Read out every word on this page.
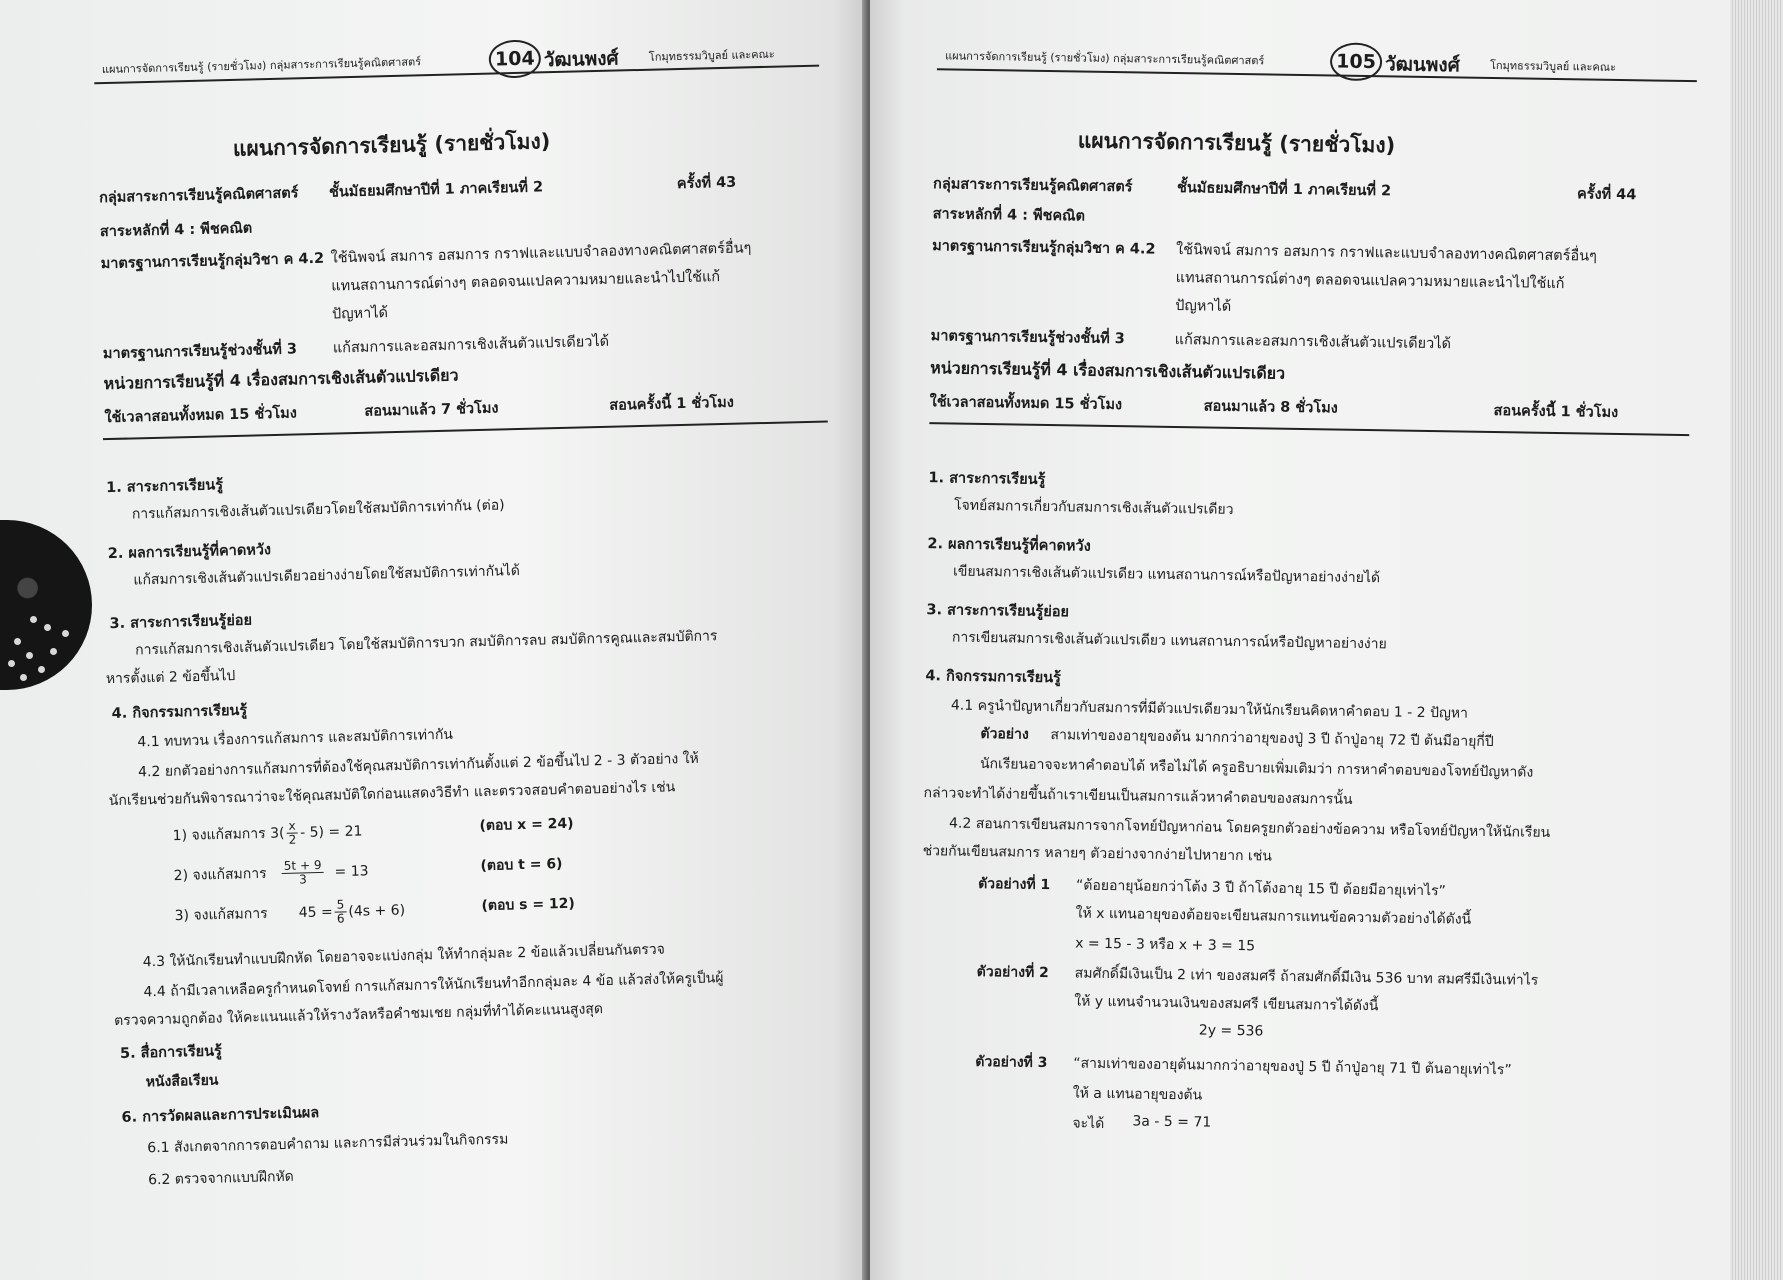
แผนการจัดการเรียนรู้ (รายชั่วโมง) กลุ่มสาระการเรียนรู้คณิตศาสตร์	104 วัฒนพงศ์	โกมุทธรรมวิบูลย์ และคณะ
แผนการจัดการเรียนรู้ (รายชั่วโมง)
กลุ่มสาระการเรียนรู้คณิตศาสตร์ ชั้นมัธยมศึกษาปีที่ 1 ภาคเรียนที่ 2	ครั้งที่ 43
สาระหลักที่ 4 : พีชคณิต
มาตรฐานการเรียนรู้กลุ่มวิชา ค 4.2 ใช้นิพจน์ สมการ อสมการ กราฟและแบบจำลองทางคณิตศาสตร์อื่นๆ
แทนสถานการณ์ต่างๆ ตลอดจนแปลความหมายและนำไปใช้แก้
ปัญหาได้
มาตรฐานการเรียนรู้ช่วงชั้นที่ 3 แก้สมการและอสมการเชิงเส้นตัวแปรเดียวได้
หน่วยการเรียนรู้ที่ 4 เรื่องสมการเชิงเส้นตัวแปรเดียว
ใช้เวลาสอนทั้งหมด 15 ชั่วโมง	สอนมาแล้ว 7 ชั่วโมง	สอนครั้งนี้ 1 ชั่วโมง
1. สาระการเรียนรู้
การแก้สมการเชิงเส้นตัวแปรเดียวโดยใช้สมบัติการเท่ากัน (ต่อ)
2. ผลการเรียนรู้ที่คาดหวัง
แก้สมการเชิงเส้นตัวแปรเดียวอย่างง่ายโดยใช้สมบัติการเท่ากันได้
3. สาระการเรียนรู้ย่อย
การแก้สมการเชิงเส้นตัวแปรเดียว โดยใช้สมบัติการบวก สมบัติการลบ สมบัติการคูณและสมบัติการ
หารตั้งแต่ 2 ข้อขึ้นไป
4. กิจกรรมการเรียนรู้
4.1 ทบทวน เรื่องการแก้สมการ และสมบัติการเท่ากัน
4.2 ยกตัวอย่างการแก้สมการที่ต้องใช้คุณสมบัติการเท่ากันตั้งแต่ 2 ข้อขึ้นไป 2 - 3 ตัวอย่าง ให้
นักเรียนช่วยกันพิจารณาว่าจะใช้คุณสมบัติใดก่อนแสดงวิธีทำ และตรวจสอบคำตอบอย่างไร เช่น
1) จงแก้สมการ $3( \frac{x}{2} - 5) = 21$	(ตอบ x = 24)
2) จงแก้สมการ $\frac{5t + 9}{3} = 13$	(ตอบ t = 6)
3) จงแก้สมการ $45 = \frac{5}{6} (4s + 6)$	(ตอบ s = 12)
4.3 ให้นักเรียนทำแบบฝึกหัด โดยอาจจะแบ่งกลุ่ม ให้ทำกลุ่มละ 2 ข้อแล้วเปลี่ยนกันตรวจ
4.4 ถ้ามีเวลาเหลือครูกำหนดโจทย์ การแก้สมการให้นักเรียนทำอีกกลุ่มละ 4 ข้อ แล้วส่งให้ครูเป็นผู้
ตรวจความถูกต้อง ให้คะแนนแล้วให้รางวัลหรือคำชมเชย กลุ่มที่ทำได้คะแนนสูงสุด
5. สื่อการเรียนรู้
หนังสือเรียน
6. การวัดผลและการประเมินผล
6.1 สังเกตจากการตอบคำถาม และการมีส่วนร่วมในกิจกรรม
6.2 ตรวจจากแบบฝึกหัด
แผนการจัดการเรียนรู้ (รายชั่วโมง) กลุ่มสาระการเรียนรู้คณิตศาสตร์	105 วัฒนพงศ์	โกมุทธรรมวิบูลย์ และคณะ
แผนการจัดการเรียนรู้ (รายชั่วโมง)
กลุ่มสาระการเรียนรู้คณิตศาสตร์	ชั้นมัธยมศึกษาปีที่ 1 ภาคเรียนที่ 2	ครั้งที่ 44
สาระหลักที่ 4 : พีชคณิต
มาตรฐานการเรียนรู้กลุ่มวิชา ค 4.2 ใช้นิพจน์ สมการ อสมการ กราฟและแบบจำลองทางคณิตศาสตร์อื่นๆ
แทนสถานการณ์ต่างๆ ตลอดจนแปลความหมายและนำไปใช้แก้
ปัญหาได้
มาตรฐานการเรียนรู้ช่วงชั้นที่ 3	แก้สมการและอสมการเชิงเส้นตัวแปรเดียวได้
หน่วยการเรียนรู้ที่ 4 เรื่องสมการเชิงเส้นตัวแปรเดียว
ใช้เวลาสอนทั้งหมด 15 ชั่วโมง	สอนมาแล้ว 8 ชั่วโมง	สอนครั้งนี้ 1 ชั่วโมง
1. สาระการเรียนรู้
โจทย์สมการเกี่ยวกับสมการเชิงเส้นตัวแปรเดียว
2. ผลการเรียนรู้ที่คาดหวัง
เขียนสมการเชิงเส้นตัวแปรเดียว แทนสถานการณ์หรือปัญหาอย่างง่ายได้
3. สาระการเรียนรู้ย่อย
การเขียนสมการเชิงเส้นตัวแปรเดียว แทนสถานการณ์หรือปัญหาอย่างง่าย
4. กิจกรรมการเรียนรู้
4.1 ครูนำปัญหาเกี่ยวกับสมการที่มีตัวแปรเดียวมาให้นักเรียนคิดหาคำตอบ 1 - 2 ปัญหา
ตัวอย่าง สามเท่าของอายุของต้น มากกว่าอายุของปู่ 3 ปี ถ้าปู่อายุ 72 ปี ต้นมีอายุกี่ปี
นักเรียนอาจจะหาคำตอบได้ หรือไม่ได้ ครูอธิบายเพิ่มเติมว่า การหาคำตอบของโจทย์ปัญหาดัง
กล่าวจะทำได้ง่ายขึ้นถ้าเราเขียนเป็นสมการแล้วหาคำตอบของสมการนั้น
4.2 สอนการเขียนสมการจากโจทย์ปัญหาก่อน โดยครูยกตัวอย่างข้อความ หรือโจทย์ปัญหาให้นักเรียน
ช่วยกันเขียนสมการ หลายๆ ตัวอย่างจากง่ายไปหายาก เช่น
ตัวอย่างที่ 1 “ต้อยอายุน้อยกว่าโต้ง 3 ปี ถ้าโต้งอายุ 15 ปี ต้อยมีอายุเท่าไร”
ให้ x แทนอายุของต้อยจะเขียนสมการแทนข้อความตัวอย่างได้ดังนี้
x = 15 - 3 หรือ x + 3 = 15
ตัวอย่างที่ 2 สมศักดิ์มีเงินเป็น 2 เท่า ของสมศรี ถ้าสมศักดิ์มีเงิน 536 บาท สมศรีมีเงินเท่าไร
ให้ y แทนจำนวนเงินของสมศรี เขียนสมการได้ดังนี้
2y = 536
ตัวอย่างที่ 3 “สามเท่าของอายุต้นมากกว่าอายุของปู่ 5 ปี ถ้าปู่อายุ 71 ปี ต้นอายุเท่าไร”
ให้ a แทนอายุของต้น
จะได้ 3a - 5 = 71
